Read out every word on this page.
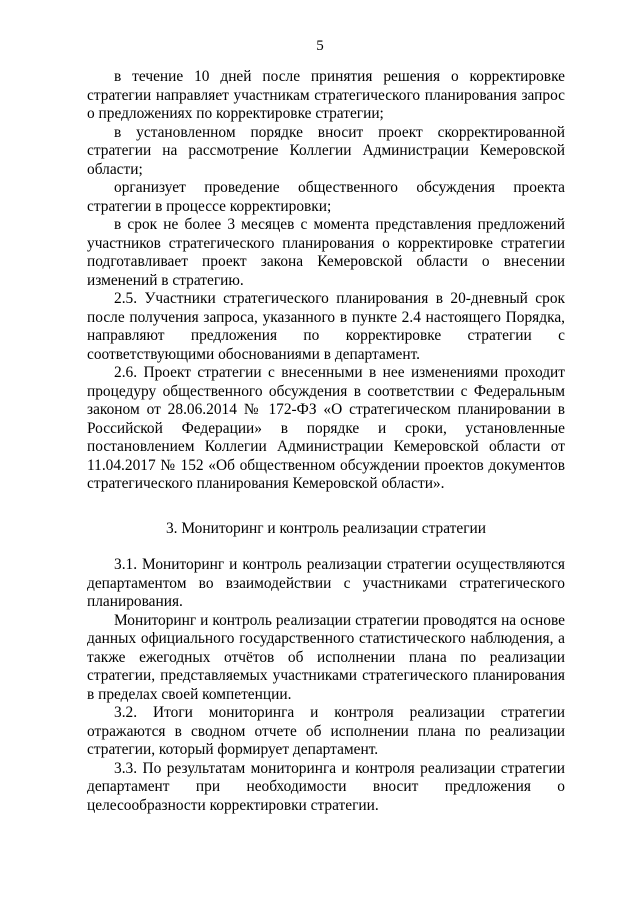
5

в течение 10 дней после принятия решения о корректировке стратегии направляет участникам стратегического планирования запрос о предложениях по корректировке стратегии;

в установленном порядке вносит проект скорректированной стратегии на рассмотрение Коллегии Администрации Кемеровской области;

организует проведение общественного обсуждения проекта стратегии в процессе корректировки;

в срок не более 3 месяцев с момента представления предложений участников стратегического планирования о корректировке стратегии подготавливает проект закона Кемеровской области о внесении изменений в стратегию.

2.5. Участники стратегического планирования в 20-дневный срок после получения запроса, указанного в пункте 2.4 настоящего Порядка, направляют предложения по корректировке стратегии с соответствующими обоснованиями в департамент.

2.6. Проект стратегии с внесенными в нее изменениями проходит процедуру общественного обсуждения в соответствии с Федеральным законом от 28.06.2014 № 172-ФЗ «О стратегическом планировании в Российской Федерации» в порядке и сроки, установленные постановлением Коллегии Администрации Кемеровской области от 11.04.2017 № 152 «Об общественном обсуждении проектов документов стратегического планирования Кемеровской области».

3. Мониторинг и контроль реализации стратегии

3.1. Мониторинг и контроль реализации стратегии осуществляются департаментом во взаимодействии с участниками стратегического планирования.

Мониторинг и контроль реализации стратегии проводятся на основе данных официального государственного статистического наблюдения, а также ежегодных отчётов об исполнении плана по реализации стратегии, представляемых участниками стратегического планирования в пределах своей компетенции.

3.2. Итоги мониторинга и контроля реализации стратегии отражаются в сводном отчете об исполнении плана по реализации стратегии, который формирует департамент.

3.3. По результатам мониторинга и контроля реализации стратегии департамент при необходимости вносит предложения о целесообразности корректировки стратегии.
